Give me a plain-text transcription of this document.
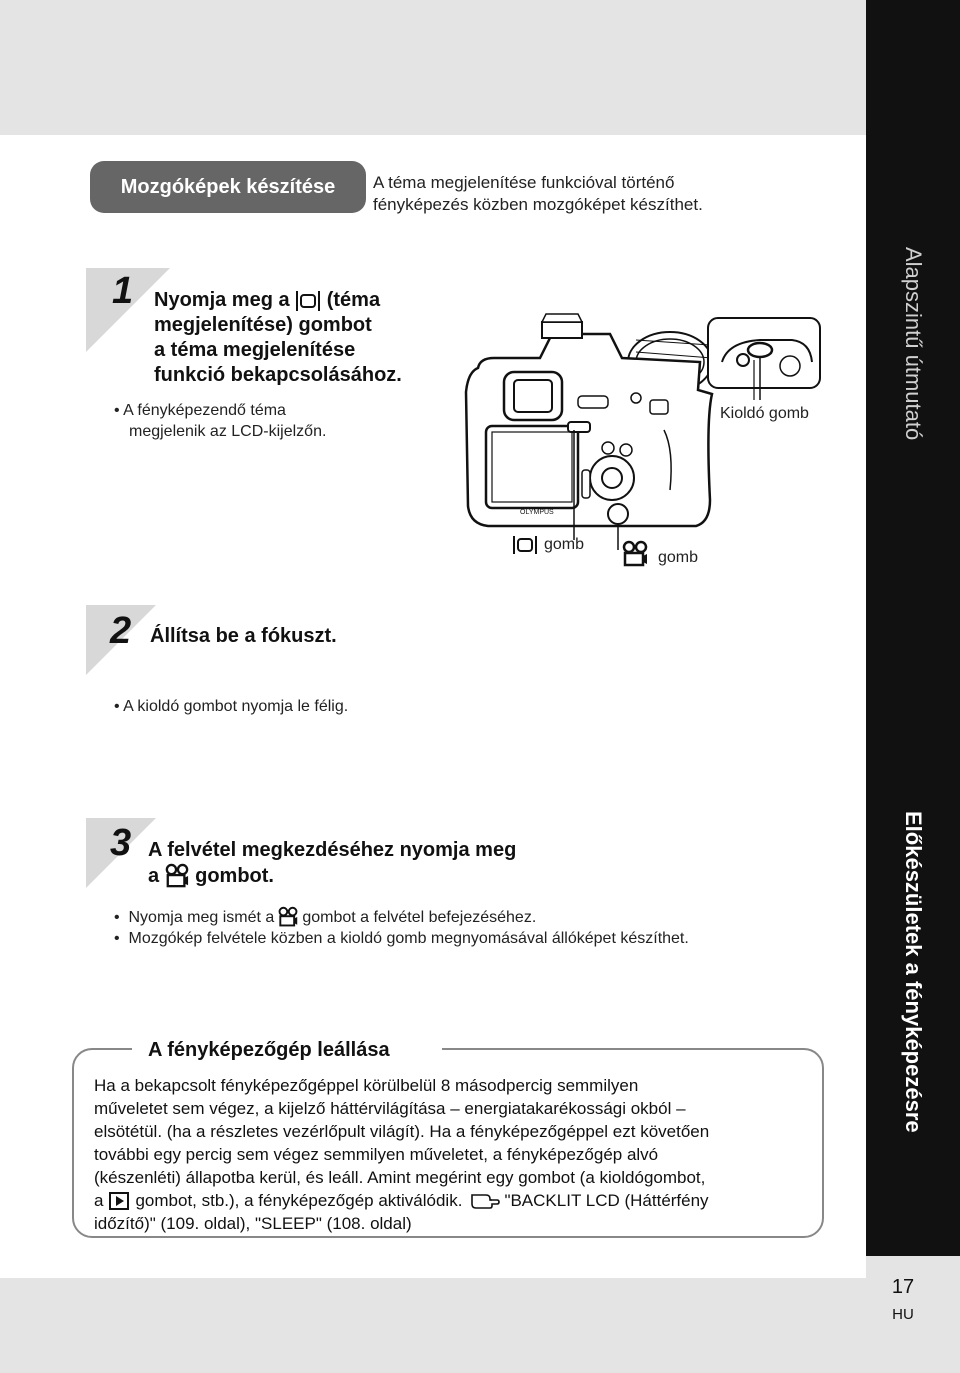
Alapszintű útmutató
Előkészületek a fényképezésre
17
HU
Mozgóképek készítése A téma megjelenítése funkcióval történő
fényképezés közben mozgóképet készíthet.
1 Nyomja meg a (téma
megjelenítése) gombot
a téma megjelenítése
funkció bekapcsolásához.
• A fényképezendő téma
megjelenik az LCD-kijelzőn.
OLYMPUS
Kioldó gomb
gomb
gomb
2 Állítsa be a fókuszt.
• A kioldó gombot nyomja le félig.
3 A felvétel megkezdéséhez nyomja meg
a gombot.
• Nyomja meg ismét a gombot a felvétel befejezéséhez.
•  Mozgókép felvétele közben a kioldó gomb megnyomásával állóképet készíthet.
A fényképezőgép leállása
Ha a bekapcsolt fényképezőgéppel körülbelül 8 másodpercig semmilyen
műveletet sem végez, a kijelző háttérvilágítása – energiatakarékossági okból –
elsötétül. (ha a részletes vezérlőpult világít). Ha a fényképezőgéppel ezt követően
további egy percig sem végez semmilyen műveletet, a fényképezőgép alvó
(készenléti) állapotba kerül, és leáll. Amint megérint egy gombot (a kioldógombot,
a gombot, stb.), a fényképezőgép aktiválódik. "BACKLIT LCD (Háttérfény
időzítő)" (109. oldal), "SLEEP" (108. oldal)
